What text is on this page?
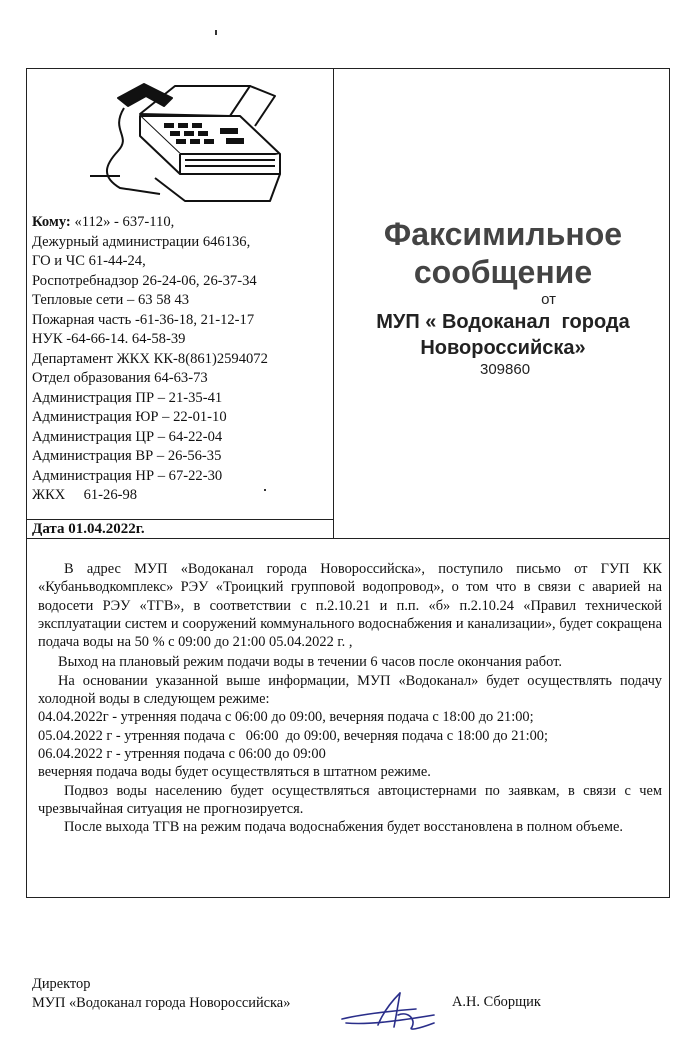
Кому: «112» - 637-110,
Дежурный администрации 646136,
ГО и ЧС 61-44-24,
Роспотребнадзор 26-24-06, 26-37-34
Тепловые сети – 63 58 43
Пожарная часть -61-36-18, 21-12-17
НУК -64-66-14. 64-58-39
Департамент ЖКХ КК-8(861)2594072
Отдел образования 64-63-73
Администрация ПР – 21-35-41
Администрация ЮР – 22-01-10
Администрация ЦР – 64-22-04
Администрация ВР – 26-56-35
Администрация НР – 67-22-30
ЖКХ     61-26-98
Факсимильное
сообщение
от
МУП « Водоканал  города
Новороссийска»
309860
Дата 01.04.2022г.

В адрес МУП «Водоканал города Новороссийска», поступило письмо от ГУП КК «Кубаньводкомплекс» РЭУ «Троицкий групповой водопровод», о том что в связи с аварией на водосети РЭУ «ТГВ», в соответствии с п.2.10.21 и п.п. «б» п.2.10.24 «Правил технической эксплуатации систем и сооружений коммунального водоснабжения и канализации», будет сокращена подача воды на 50 % с 09:00 до 21:00 05.04.2022 г. ,

Выход на плановый режим подачи воды в течении 6 часов после окончания работ.

На основании указанной выше информации, МУП «Водоканал» будет осуществлять подачу холодной воды в следующем режиме:

04.04.2022г - утренняя подача с 06:00 до 09:00, вечерняя подача с 18:00 до 21:00;

05.04.2022 г - утренняя подача с   06:00  до 09:00, вечерняя подача с 18:00 до 21:00;

06.04.2022 г - утренняя подача с 06:00 до 09:00

вечерняя подача воды будет осуществляться в штатном режиме.

Подвоз воды населению будет осуществляться автоцистернами по заявкам, в связи с чем чрезвычайная ситуация не прогнозируется.

После выхода ТГВ на режим подача водоснабжения будет восстановлена в полном объеме.

Директор
МУП «Водоканал города Новороссийска»	А.Н. Сборщик
